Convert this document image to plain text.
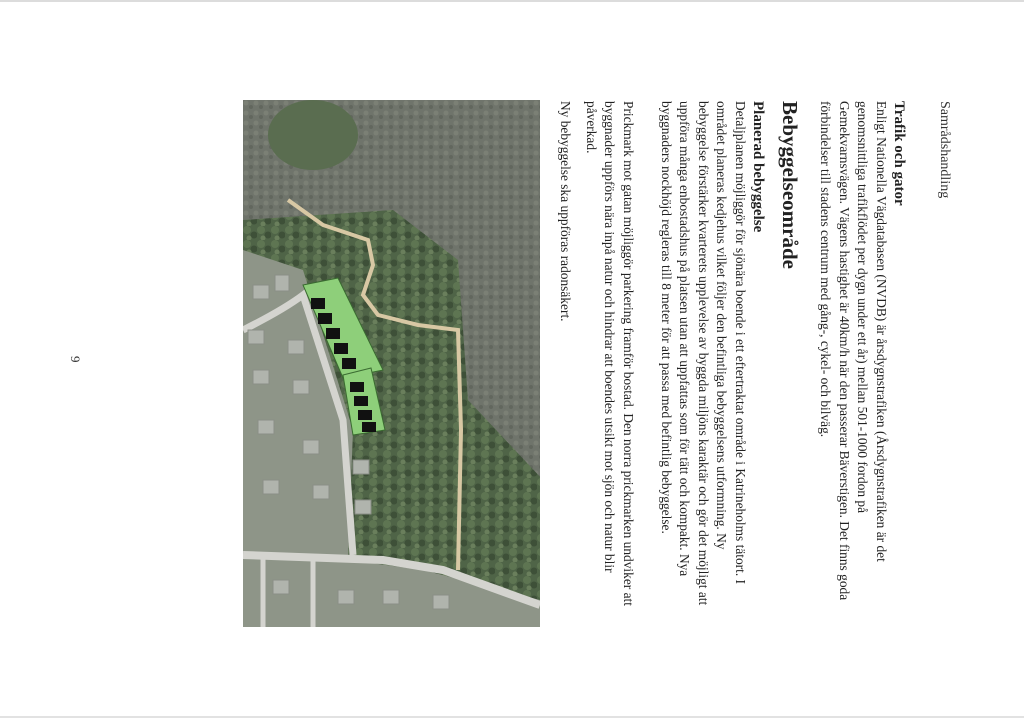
Samrådshandling
Trafik och gator
Enligt Nationella Vägdatabasen (NVDB) är årsdygnstrafiken (Årsdygnstrafiken är det
genomsnittliga trafikflödet per dygn under ett år) mellan 501-1000 fordon på
Gemekvarnsvägen. Vägens hastighet är 40km/h när den passerar Bäverstigen. Det finns goda
förbindelser till stadens centrum med gång-, cykel- och bilväg.
Bebyggelseområde
Planerad bebyggelse
Detaljplanen möjliggör för sjönära boende i ett eftertraktat område i Katrineholms tätort. I
området planeras kedjehus vilket följer den befintliga bebyggelsens utformning. Ny
bebyggelse förstärker kvarterets upplevelse av byggda miljöns karaktär och gör det möjligt att
uppföra många enbostadshus på platsen utan att uppfattas som för tätt och kompakt. Nya
byggnaders nockhöjd regleras till 8 meter för att passa med befintlig bebyggelse.
Prickmark mot gatan möjliggör parkering framför bostad. Den norra prickmarken undviker att
byggnader uppförs nära inpå natur och hindrar att boendes utsikt mot sjön och natur blir
påverkad.
Ny bebyggelse ska uppföras radonsäkert.
9
